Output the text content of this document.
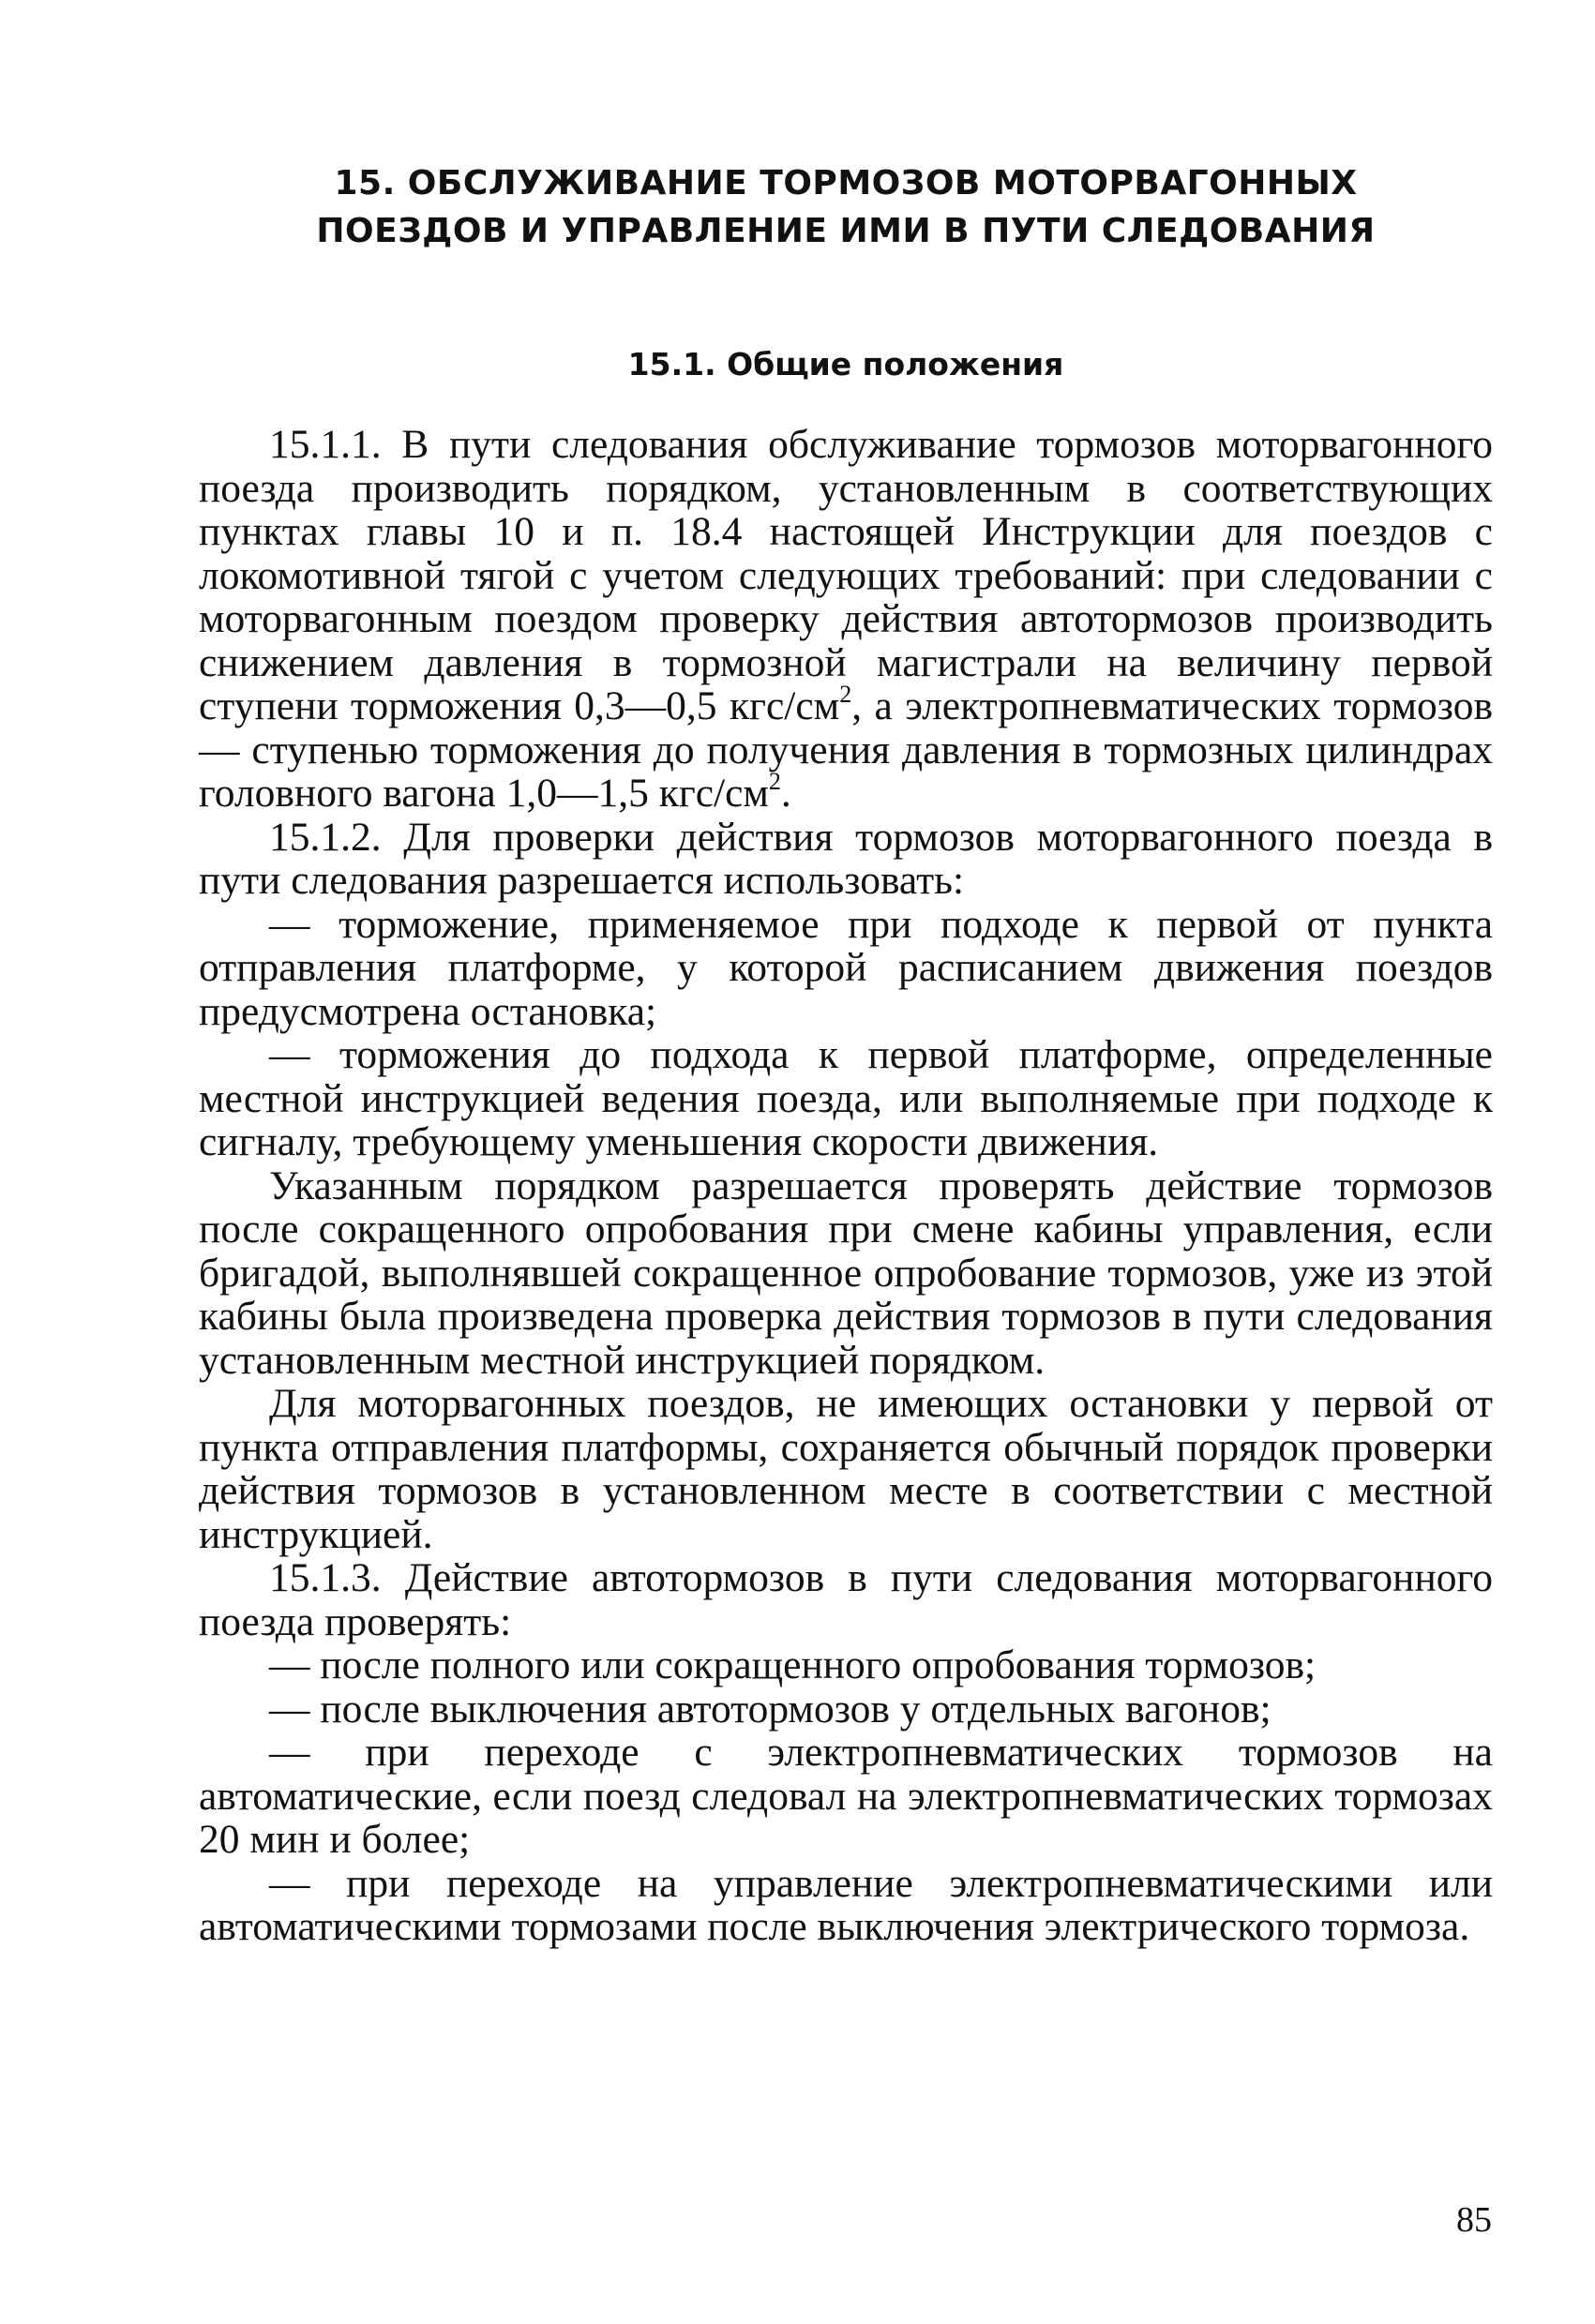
15. ОБСЛУЖИВАНИЕ ТОРМОЗОВ МОТОРВАГОННЫХ
ПОЕЗДОВ И УПРАВЛЕНИЕ ИМИ В ПУТИ СЛЕДОВАНИЯ
15.1. Общие положения

15.1.1. В пути следования обслуживание тормозов моторвагонного поезда производить порядком, установленным в соответствующих пунктах главы 10 и п. 18.4 настоящей Инструкции для поездов с локомотивной тягой с учетом следующих требований: при следовании с моторвагонным поездом проверку действия автотормозов производить снижением давления в тормозной магистрали на величину первой ступени торможения 0,3—0,5 кгс/$см^2$, а электропневматических тормозов — ступенью торможения до получения давления в тормозных цилиндрах головного вагона 1,0—1,5 кгс/$см^2$.

15.1.2. Для проверки действия тормозов моторвагонного поезда в пути следования разрешается использовать:

— торможение, применяемое при подходе к первой от пункта отправления платформе, у которой расписанием движения поездов предусмотрена остановка;

— торможения до подхода к первой платформе, определенные местной инструкцией ведения поезда, или выполняемые при подходе к сигналу, требующему уменьшения скорости движения.

Указанным порядком разрешается проверять действие тормозов после сокращенного опробования при смене кабины управления, если бригадой, выполнявшей сокращенное опробование тормозов, уже из этой кабины была произведена проверка действия тормозов в пути следования установленным местной инструкцией порядком.

Для моторвагонных поездов, не имеющих остановки у первой от пункта отправления платформы, сохраняется обычный порядок проверки действия тормозов в установленном месте в соответствии с местной инструкцией.

15.1.3. Действие автотормозов в пути следования моторвагонного поезда проверять:

— после полного или сокращенного опробования тормозов;

— после выключения автотормозов у отдельных вагонов;

— при переходе с электропневматических тормозов на автоматические, если поезд следовал на электропневматических тормозах 20 мин и более;

— при переходе на управление электропневматическими или автоматическими тормозами после выключения электрического тормоза.

85
